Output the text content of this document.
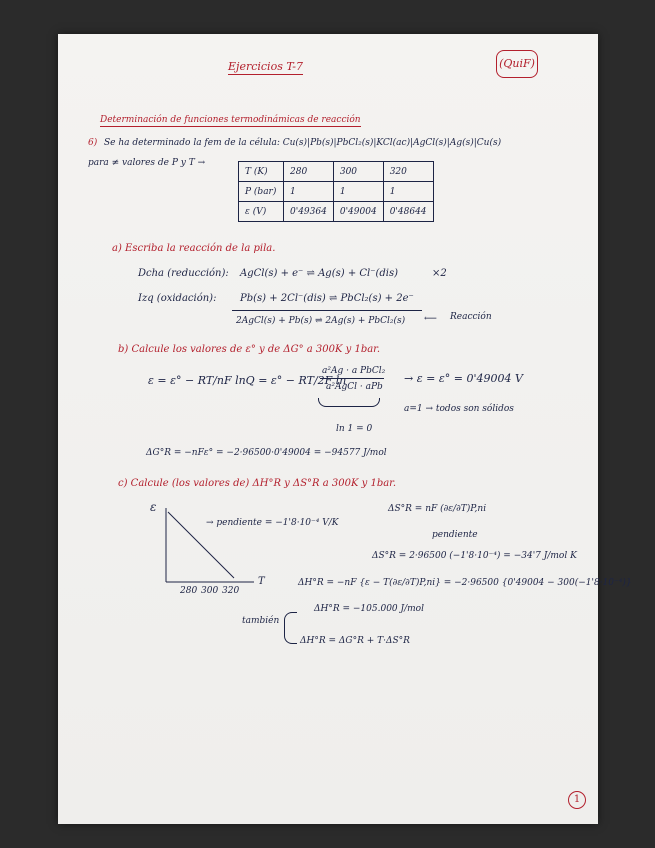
Ejercicios T-7	(QuiF)
Determinación de funciones termodinámicas de reacción
6) Se ha determinado la fem de la célula: Cu(s)|Pb(s)|PbCl₂(s)|KCl(ac)|AgCl(s)|Ag(s)|Cu(s)
para ≠ valores de P y T →
T (K)	280	300	320
P (bar)	1	1	1
ε (V)	0'49364	0'49004	0'48644
a) Escriba la reacción de la pila.
Dcha (reducción): AgCl(s) + e⁻ ⇌ Ag(s) + Cl⁻(dis)	×2
Izq (oxidación): Pb(s) + 2Cl⁻(dis) ⇌ PbCl₂(s) + 2e⁻
2AgCl(s) + Pb(s) ⇌ 2Ag(s) + PbCl₂(s) ⟵ Reacción
b) Calcule los valores de ε° y de ΔG° a 300K y 1bar.
ε = ε° − RT/nF lnQ = ε° − RT/2F ln
a²Ag · a PbCl₂
a²AgCl · aPb
→ ε = ε° = 0'49004 V
a=1 → todos son sólidos
ln 1 = 0
ΔG°R = −nFε° = −2·96500·0'49004 = −94577 J/mol
c) Calcule (los valores de) ΔH°R y ΔS°R a 300K y 1bar.
ε
T
280 300 320
→ pendiente = −1'8·10⁻⁴ V/K
ΔS°R = nF (∂ε/∂T)P,ni
pendiente
ΔS°R = 2·96500 (−1'8·10⁻⁴) = −34'7 J/mol K
ΔH°R = −nF {ε − T(∂ε/∂T)P,ni} = −2·96500 {0'49004 − 300(−1'8·10⁻⁴)}
ΔH°R = −105.000 J/mol
también
ΔH°R = ΔG°R + T·ΔS°R
1
